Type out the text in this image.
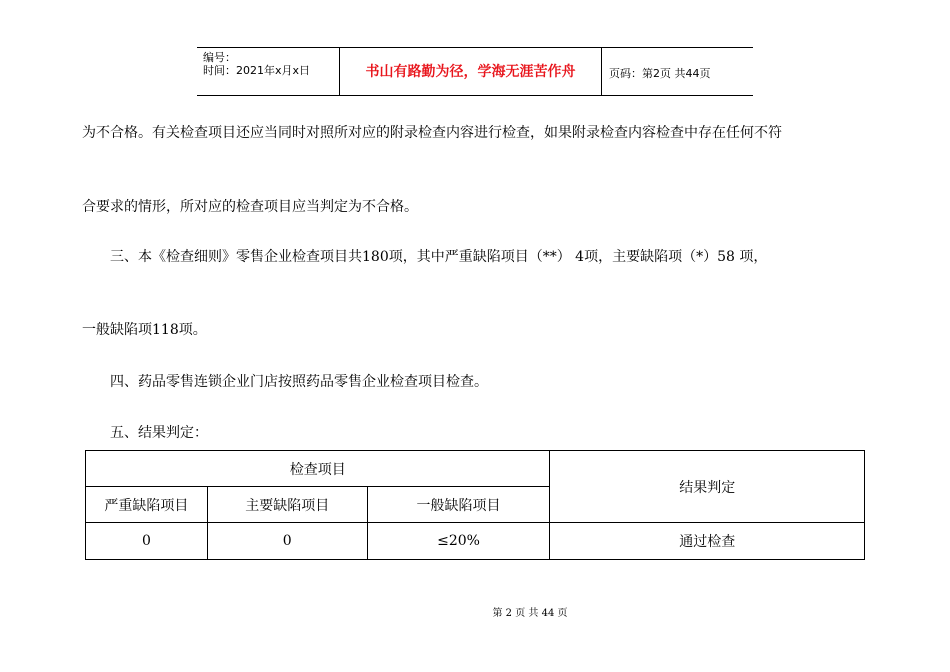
编号：
时间：2021年x月x日	书山有路勤为径，学海无涯苦作舟	页码：第2页 共44页
为不合格。有关检查项目还应当同时对照所对应的附录检查内容进行检查，如果附录检查内容检查中存在任何不符
合要求的情形，所对应的检查项目应当判定为不合格。
三、本《检查细则》零售企业检查项目共180项，其中严重缺陷项目（**） 4项，主要缺陷项（*）58 项，
一般缺陷项118项。
四、药品零售连锁企业门店按照药品零售企业检查项目检查。
五、结果判定：
检查项目			结果判定
严重缺陷项目	主要缺陷项目	一般缺陷项目	
0	0	≤20%	通过检查
第 2 页 共 44 页
